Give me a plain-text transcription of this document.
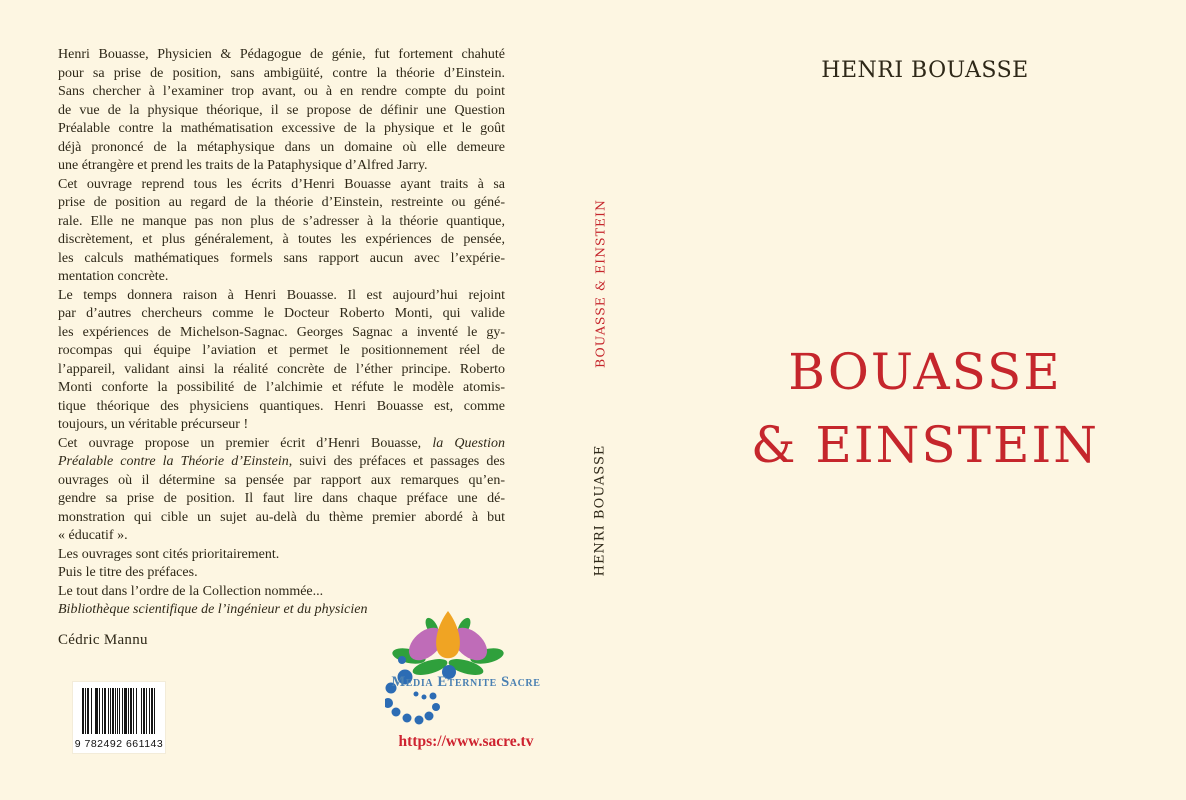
Henri Bouasse, Physicien & Pédagogue de génie, fut fortement chahuté
pour sa prise de position, sans ambigüité, contre la théorie d’Einstein.
Sans chercher à l’examiner trop avant, ou à en rendre compte du point
de vue de la physique théorique, il se propose de définir une Question
Préalable contre la mathématisation excessive de la physique et le goût
déjà prononcé de la métaphysique dans un domaine où elle demeure
une étrangère et prend les traits de la Pataphysique d’Alfred Jarry.
Cet ouvrage reprend tous les écrits d’Henri Bouasse ayant traits à sa
prise de position au regard de la théorie d’Einstein, restreinte ou géné-
rale. Elle ne manque pas non plus de s’adresser à la théorie quantique,
discrètement, et plus généralement, à toutes les expériences de pensée,
les calculs mathématiques formels sans rapport aucun avec l’expérie-
mentation concrète.
Le temps donnera raison à Henri Bouasse. Il est aujourd’hui rejoint
par d’autres chercheurs comme le Docteur Roberto Monti, qui valide
les expériences de Michelson-Sagnac. Georges Sagnac a inventé le gy-
rocompas qui équipe l’aviation et permet le positionnement réel de
l’appareil, validant ainsi la réalité concrète de l’éther principe. Roberto
Monti conforte la possibilité de l’alchimie et réfute le modèle atomis-
tique théorique des physiciens quantiques. Henri Bouasse est, comme
toujours, un véritable précurseur !
Cet ouvrage propose un premier écrit d’Henri Bouasse, la Question
Préalable contre la Théorie d’Einstein, suivi des préfaces et passages des
ouvrages où il détermine sa pensée par rapport aux remarques qu’en-
gendre sa prise de position. Il faut lire dans chaque préface une dé-
monstration qui cible un sujet au-delà du thème premier abordé à but
« éducatif ».
Les ouvrages sont cités prioritairement.
Puis le titre des préfaces.
Le tout dans l’ordre de la Collection nommée...
Bibliothèque scientifique de l’ingénieur et du physicien
Cédric Mannu
9 782492 661143
Media Eternite Sacre
https://www.sacre.tv
BOUASSE & EINSTEIN
HENRI BOUASSE
HENRI BOUASSE
BOUASSE
& EINSTEIN
